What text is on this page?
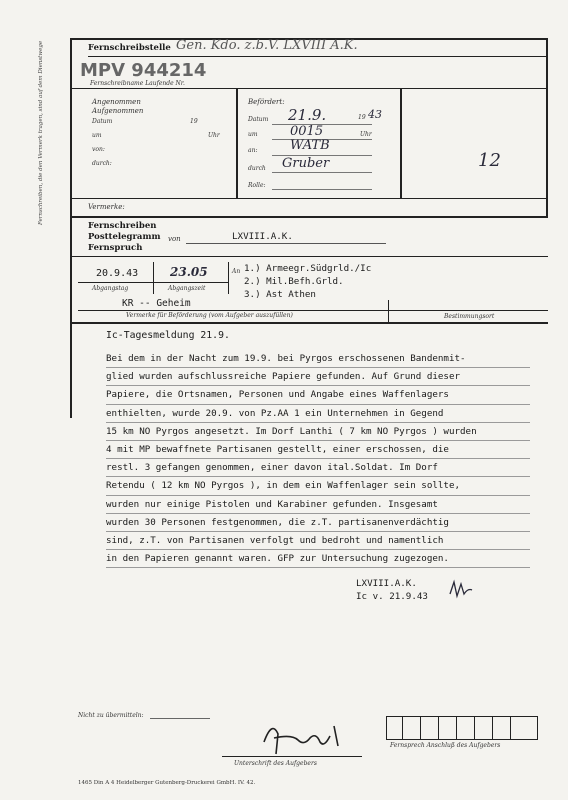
Fernschreibstelle Gen. Kdo. z.b.V. LXVIII A.K.
MPV 944214
Fernschreibname Laufende Nr.
Fernschreiben, die den Vermerk tragen, sind auf dem Dienstwege	Angenommen
Aufgenommen
Datum	19
um	Uhr
von:
durch:
Befördert:
Datum 21.9.	19 43
um 0015	Uhr
an:	WATB
durch Gruber
Rolle:
12
Vermerke:
Fernschreiben
Posttelegramm
Fernspruch
von	LXVIII.A.K.
20.9.43	23.05
Abgangstag	Abgangszeit
An 1.) Armeegr.Südgrld./Ic
2.) Mil.Befh.Grld.
3.) Ast Athen
KR -- Geheim
Vermerke für Beförderung (vom Aufgeber auszufüllen)	Bestimmungsort
Ic-Tagesmeldung 21.9.
Bei dem in der Nacht zum 19.9. bei Pyrgos erschossenen Bandenmit-
glied wurden aufschlussreiche Papiere gefunden. Auf Grund dieser
Papiere, die Ortsnamen, Personen und Angabe eines Waffenlagers
enthielten, wurde 20.9. von Pz.AA 1 ein Unternehmen in Gegend
15 km NO Pyrgos angesetzt. Im Dorf Lanthi ( 7 km NO Pyrgos ) wurden
4 mit MP bewaffnete Partisanen gestellt, einer erschossen, die
restl. 3 gefangen genommen, einer davon ital.Soldat. Im Dorf
Retendu ( 12 km NO Pyrgos ), in dem ein Waffenlager sein sollte,
wurden nur einige Pistolen und Karabiner gefunden. Insgesamt
wurden 30 Personen festgenommen, die z.T. partisanenverdächtig
sind, z.T. von Partisanen verfolgt und bedroht und namentlich
in den Papieren genannt waren. GFP zur Untersuchung zugezogen.
LXVIII.A.K.
Ic v. 21.9.43
Nicht zu übermitteln:
Unterschrift des Aufgebers
Fernsprech Anschluß des Aufgebers
1465 Din A 4 Heidelberger Gutenberg-Druckerei GmbH. IV. 42.
